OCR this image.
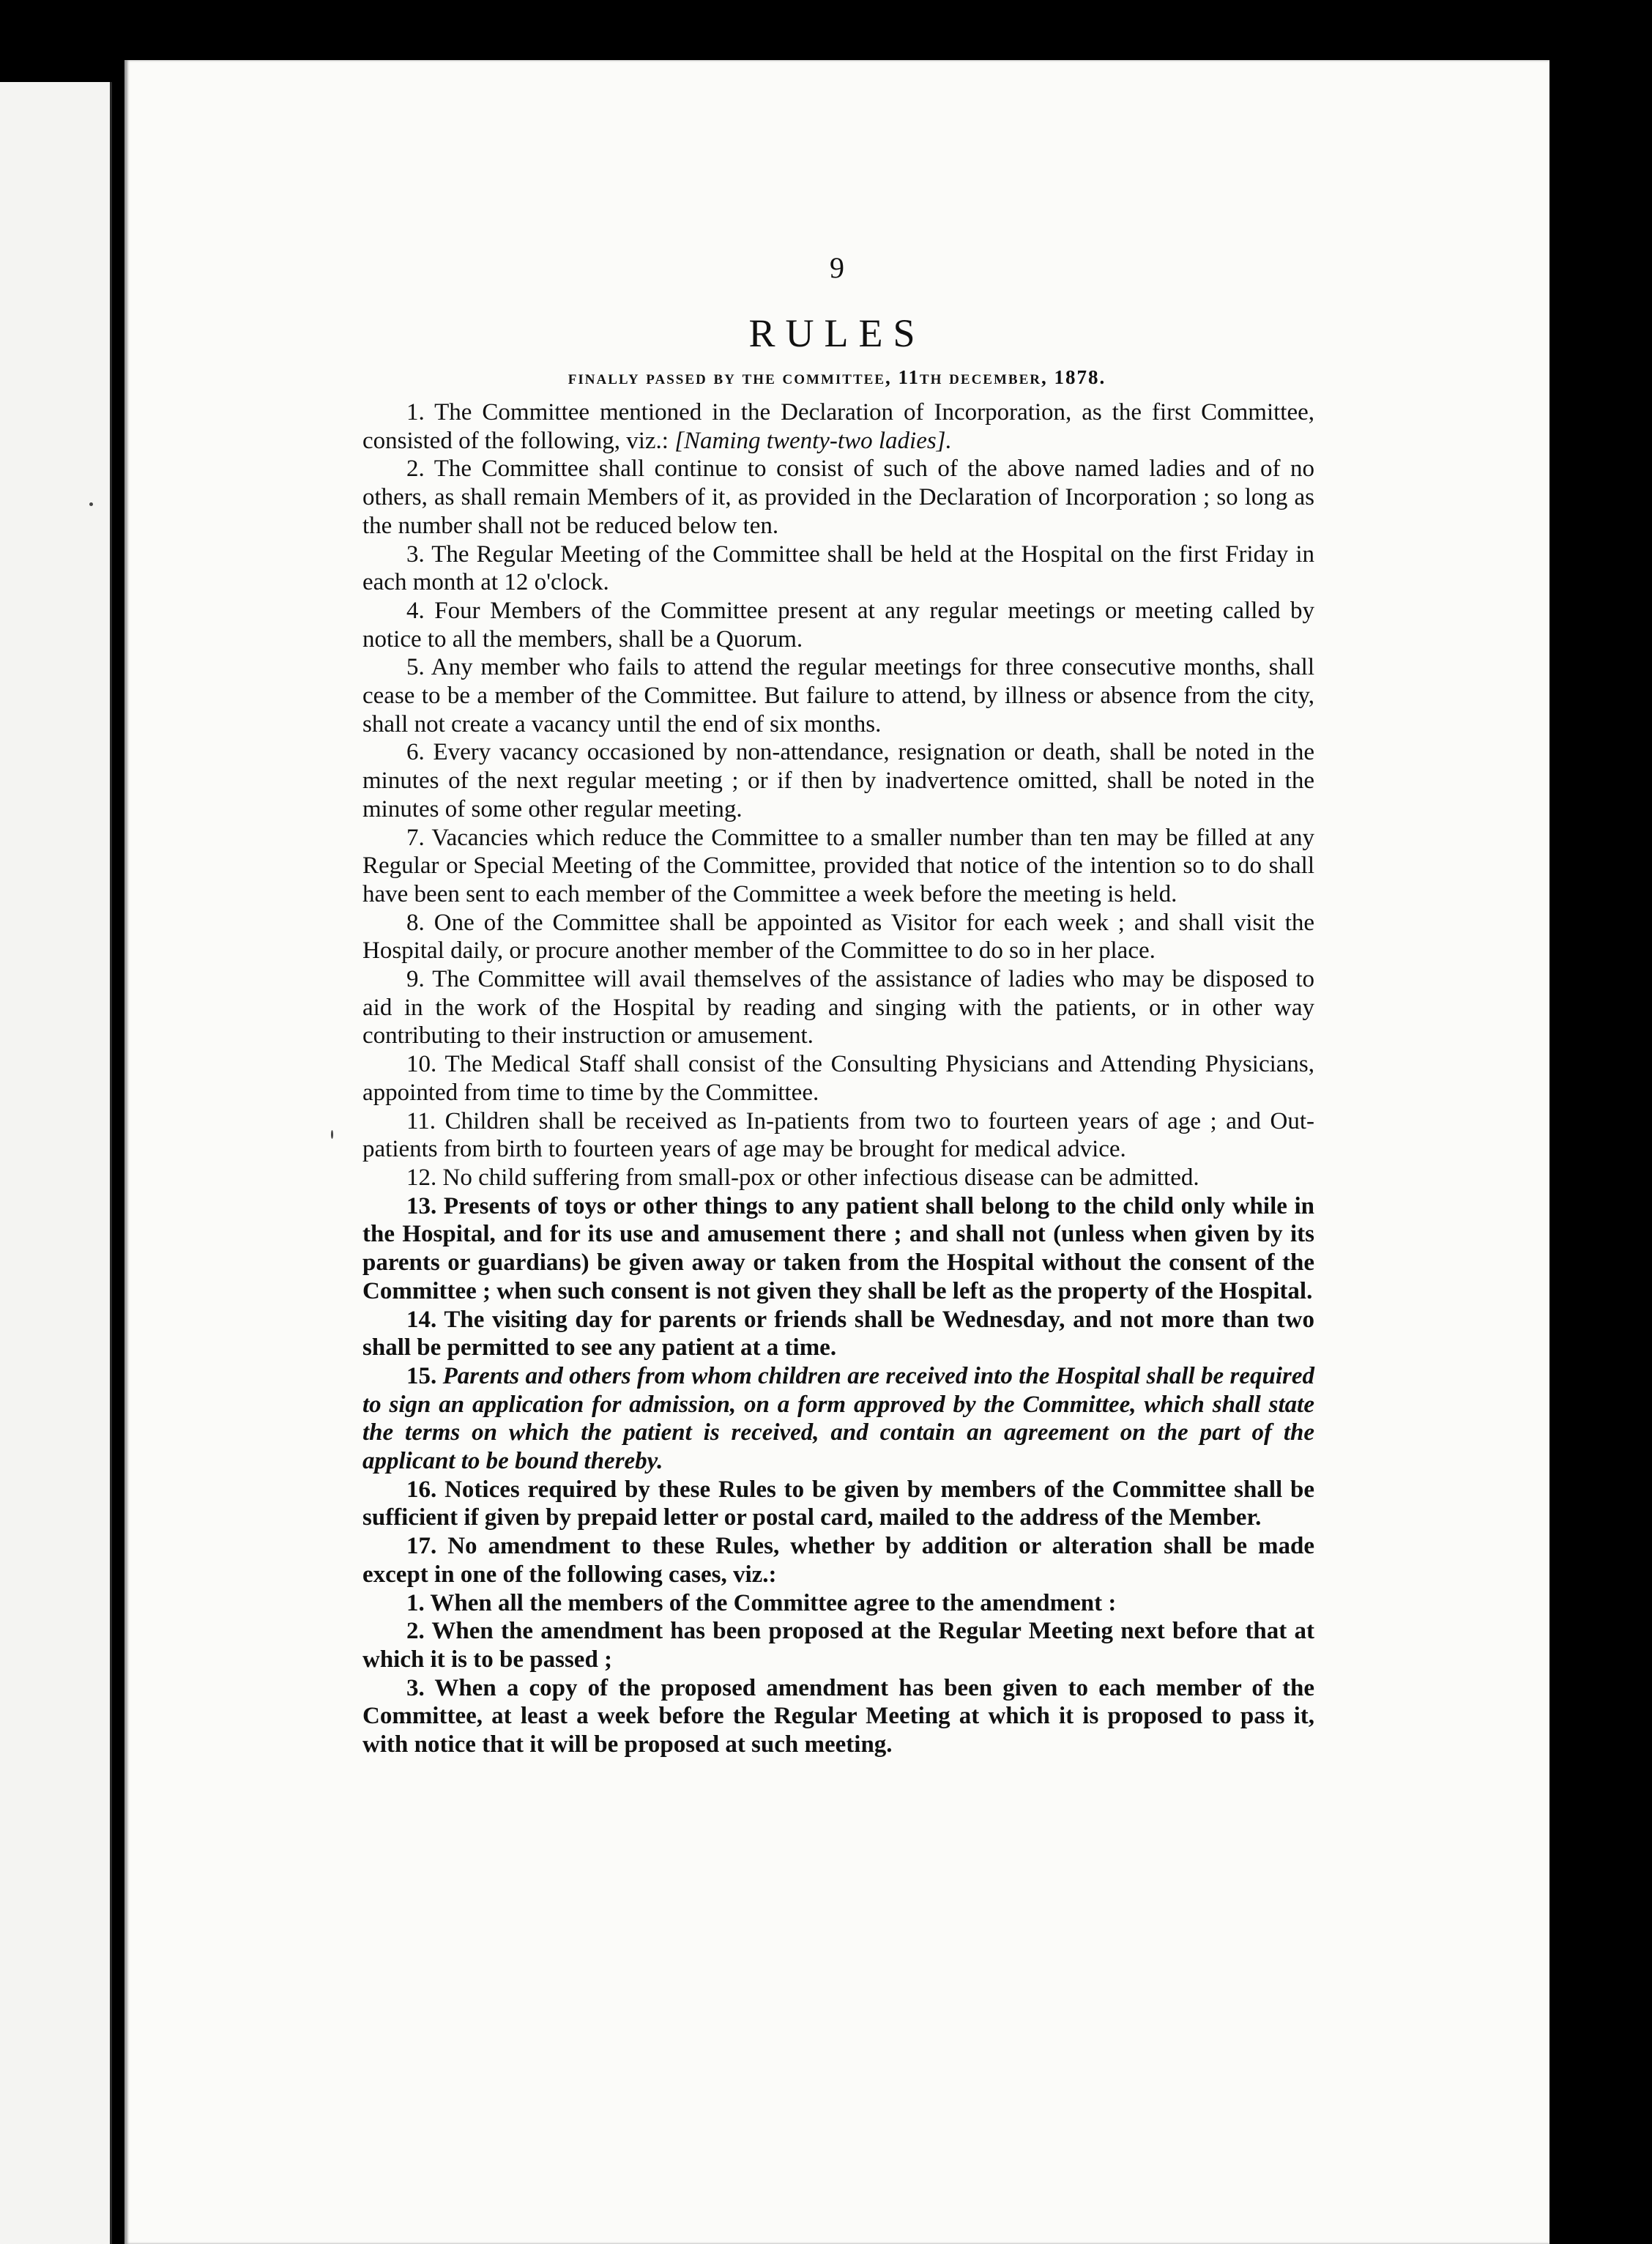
9
RULES
finally passed by the committee, 11th december, 1878.

1. The Committee mentioned in the Declaration of Incorporation, as the first Committee, consisted of the following, viz.: [Naming twenty-two ladies].

2. The Committee shall continue to consist of such of the above named ladies and of no others, as shall remain Members of it, as provided in the Declaration of Incorporation ; so long as the number shall not be reduced below ten.

3. The Regular Meeting of the Committee shall be held at the Hospital on the first Friday in each month at 12 o'clock.

4. Four Members of the Committee present at any regular meetings or meeting called by notice to all the members, shall be a Quorum.

5. Any member who fails to attend the regular meetings for three consecutive months, shall cease to be a member of the Committee. But failure to attend, by illness or absence from the city, shall not create a vacancy until the end of six months.

6. Every vacancy occasioned by non-attendance, resignation or death, shall be noted in the minutes of the next regular meeting ; or if then by inadvertence omitted, shall be noted in the minutes of some other regular meeting.

7. Vacancies which reduce the Committee to a smaller number than ten may be filled at any Regular or Special Meeting of the Committee, provided that notice of the intention so to do shall have been sent to each member of the Committee a week before the meeting is held.

8. One of the Committee shall be appointed as Visitor for each week ; and shall visit the Hospital daily, or procure another member of the Committee to do so in her place.

9. The Committee will avail themselves of the assistance of ladies who may be disposed to aid in the work of the Hospital by reading and singing with the patients, or in other way contributing to their instruction or amusement.

10. The Medical Staff shall consist of the Consulting Physicians and Attending Physicians, appointed from time to time by the Committee.

11. Children shall be received as In-patients from two to fourteen years of age ; and Out-patients from birth to fourteen years of age may be brought for medical advice.

12. No child suffering from small-pox or other infectious disease can be admitted.

13. Presents of toys or other things to any patient shall belong to the child only while in the Hospital, and for its use and amusement there ; and shall not (unless when given by its parents or guardians) be given away or taken from the Hospital without the consent of the Committee ; when such consent is not given they shall be left as the property of the Hospital.

14. The visiting day for parents or friends shall be Wednesday, and not more than two shall be permitted to see any patient at a time.

15. Parents and others from whom children are received into the Hospital shall be required to sign an application for admission, on a form approved by the Committee, which shall state the terms on which the patient is received, and contain an agreement on the part of the applicant to be bound thereby.

16. Notices required by these Rules to be given by members of the Committee shall be sufficient if given by prepaid letter or postal card, mailed to the address of the Member.

17. No amendment to these Rules, whether by addition or alteration shall be made except in one of the following cases, viz.:

1. When all the members of the Committee agree to the amendment :

2. When the amendment has been proposed at the Regular Meeting next before that at which it is to be passed ;

3. When a copy of the proposed amendment has been given to each member of the Committee, at least a week before the Regular Meeting at which it is proposed to pass it, with notice that it will be proposed at such meeting.
